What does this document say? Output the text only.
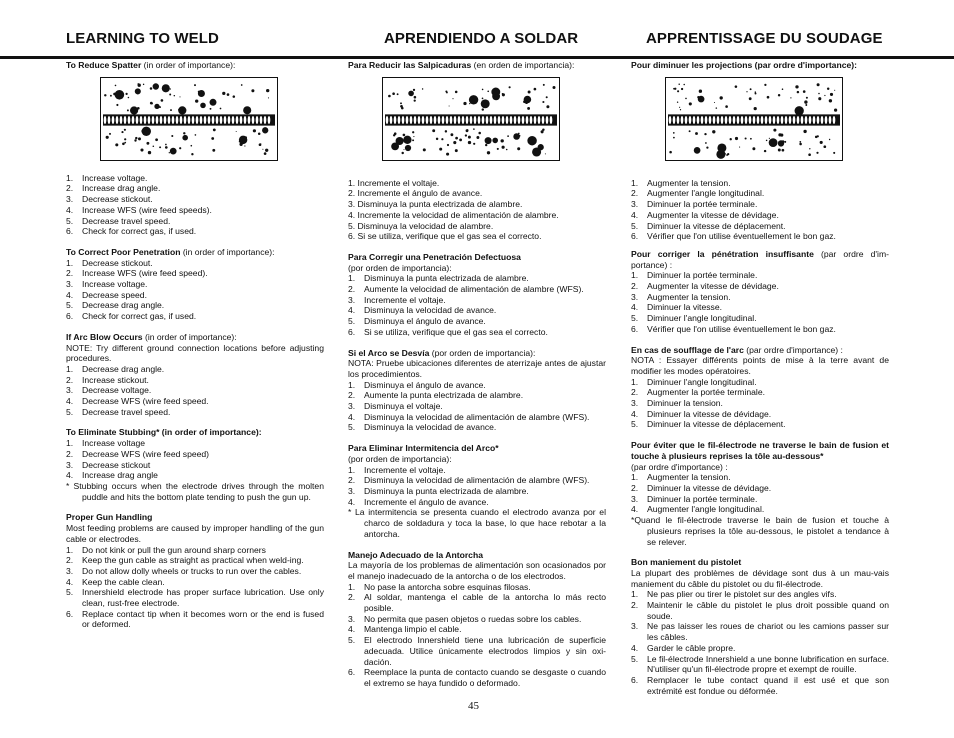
LEARNING TO WELD	APRENDIENDO A SOLDAR	APPRENTISSAGE DU SOUDAGE

To Reduce Spatter (in order of importance):

1. Increase voltage.
2. Increase drag angle.
3. Decrease stickout.
4. Increase WFS (wire feed speeds).
5. Decrease travel speed.
6. Check for correct gas, if used.

To Correct Poor Penetration (in order of importance):

1. Decrease stickout.
2. Increase WFS (wire feed speed).
3. Increase voltage.
4. Decrease speed.
5. Decrease drag angle.
6. Check for correct gas, if used.

If Arc Blow Occurs (in order of importance):

NOTE: Try different ground connection locations before adjusting procedures.

1. Decrease drag angle.
2. Increase stickout.
3. Decrease voltage.
4. Decrease WFS (wire feed speed.
5. Decrease travel speed.

To Eliminate Stubbing* (in order of importance):

1. Increase voltage
2. Decrease WFS (wire feed speed)
3. Decrease stickout
4. Increase drag angle

* Stubbing occurs when the electrode drives through the molten puddle and hits the bottom plate tending to push the gun up.

Proper Gun Handling

Most feeding problems are caused by improper handling of the gun cable or electrodes.

1. Do not kink or pull the gun around sharp corners
2. Keep the gun cable as straight as practical when weld-ing.
3. Do not allow dolly wheels or trucks to run over the cables.
4. Keep the cable clean.
5. Innershield electrode has proper surface lubrication. Use only clean, rust-free electrode.
6. Replace contact tip when it becomes worn or the end is fused or deformed.

Para Reducir las Salpicaduras (en orden de importancia):

1. Incremente el voltaje.
2. Incremente el ángulo de avance.
3. Disminuya la punta electrizada de alambre.
4. Incremente la velocidad de alimentación de alambre.
5. Disminuya la velocidad de alambre.
6. Si se utiliza, verifique que el gas sea el correcto.

Para Corregir una Penetración Defectuosa

(por orden de importancia):

1. Disminuya la punta electrizada de alambre.
2. Aumente la velocidad de alimentación de alambre (WFS).
3. Incremente el voltaje.
4. Disminuya la velocidad de avance.
5. Disminuya el ángulo de avance.
6. Si se utiliza, verifique que el gas sea el correcto.

Si el Arco se Desvía (por orden de importancia):

NOTA: Pruebe ubicaciones diferentes de aterrizaje antes de ajustar los procedimientos.

1. Disminuya el ángulo de avance.
2. Aumente la punta electrizada de alambre.
3. Disminuya el voltaje.
4. Disminuya la velocidad de alimentación de alambre (WFS).
5. Disminuya la velocidad de avance.

Para Eliminar Intermitencia del Arco*

(por orden de importancia):

1. Incremente el voltaje.
2. Disminuya la velocidad de alimentación de alambre (WFS).
3. Disminuya la punta electrizada de alambre.
4. Incremente el ángulo de avance.

* La intermitencia se presenta cuando el electrodo avanza por el charco de soldadura y toca la base, lo que hace rebotar a la antorcha.

Manejo Adecuado de la Antorcha

La mayoría de los problemas de alimentación son ocasionados por el manejo inadecuado de la antorcha o de los electrodos.

1. No pase la antorcha sobre esquinas filosas.
2. Al soldar, mantenga el cable de la antorcha lo más recto posible.
3. No permita que pasen objetos o ruedas sobre los cables.
4. Mantenga limpio el cable.
5. El electrodo Innershield tiene una lubricación de superficie adecuada. Utilice únicamente electrodos limpios y sin oxi-dación.
6. Reemplace la punta de contacto cuando se desgaste o cuando el extremo se haya fundido o deformado.

Pour diminuer les projections (par ordre d'importance):

1. Augmenter la tension.
2. Augmenter l'angle longitudinal.
3. Diminuer la portée terminale.
4. Augmenter la vitesse de dévidage.
5. Diminuer la vitesse de déplacement.
6. Vérifier que l'on utilise éventuellement le bon gaz.

Pour corriger la pénétration insuffisante (par ordre d'im-portance) :

1. Diminuer la portée terminale.
2. Augmenter la vitesse de dévidage.
3. Augmenter la tension.
4. Diminuer la vitesse.
5. Diminuer l'angle longitudinal.
6. Vérifier que l'on utilise éventuellement le bon gaz.

En cas de soufflage de l'arc (par ordre d'importance) :

NOTA : Essayer différents points de mise à la terre avant de modifier les modes opératoires.

1. Diminuer l'angle longitudinal.
2. Augmenter la portée terminale.
3. Diminuer la tension.
4. Diminuer la vitesse de dévidage.
5. Diminuer la vitesse de déplacement.

Pour éviter que le fil-électrode ne traverse le bain de fusion et touche à plusieurs reprises la tôle au-dessous*

(par ordre d'importance) :

1. Augmenter la tension.
2. Diminuer la vitesse de dévidage.
3. Diminuer la portée terminale.
4. Augmenter l'angle longitudinal.

*Quand le fil-électrode traverse le bain de fusion et touche à plusieurs reprises la tôle au-dessous, le pistolet a tendance à se relever.

Bon maniement du pistolet

La plupart des problèmes de dévidage sont dus à un mau-vais maniement du câble du pistolet ou du fil-électrode.

1. Ne pas plier ou tirer le pistolet sur des angles vifs.
2. Maintenir le câble du pistolet le plus droit possible quand on soude.
3. Ne pas laisser les roues de chariot ou les camions passer sur les câbles.
4. Garder le câble propre.
5. Le fil-électrode Innershield a une bonne lubrification en surface. N'utiliser qu'un fil-électrode propre et exempt de rouille.
6. Remplacer le tube contact quand il est usé et que son extrémité est fondue ou déformée.
45
